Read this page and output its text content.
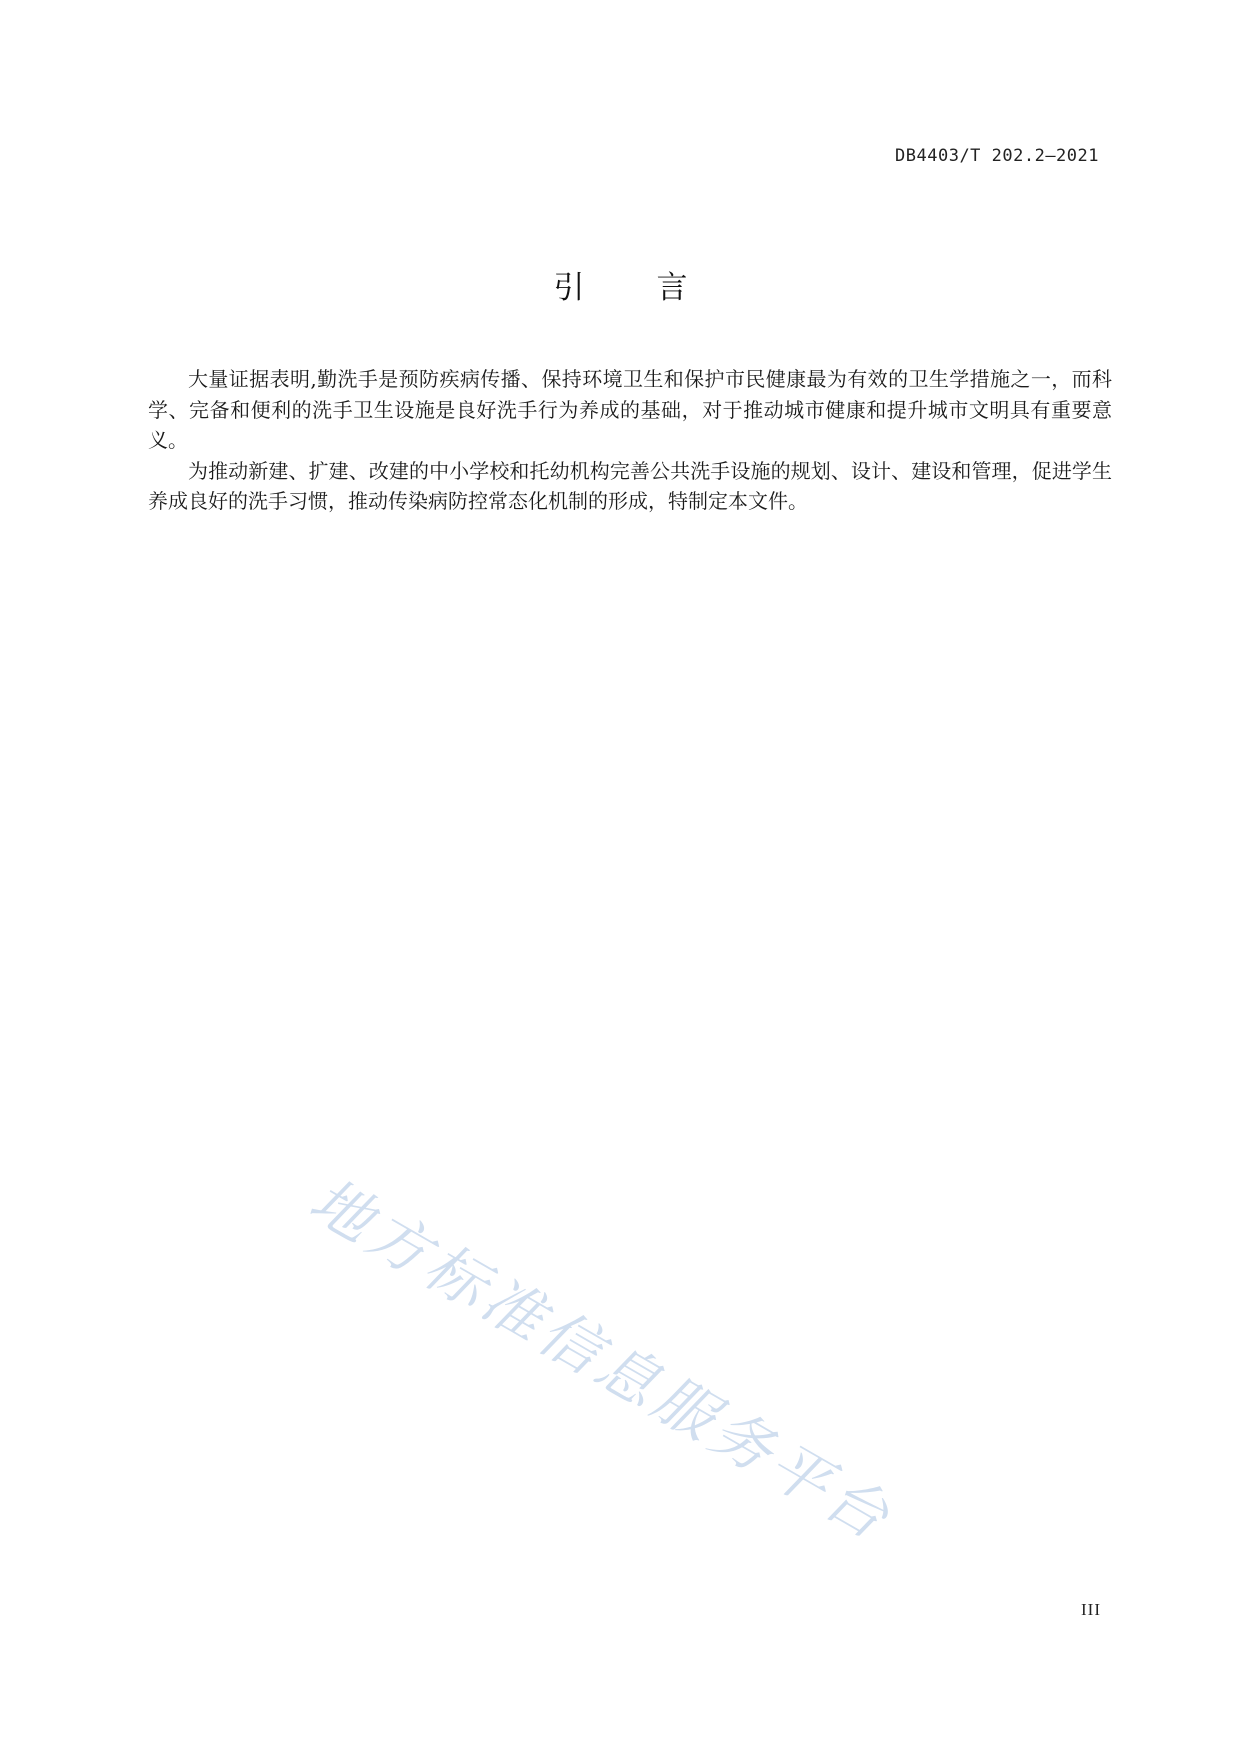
DB4403/T 202.2—2021
引言

大量证据表明,勤洗手是预防疾病传播、保持环境卫生和保护市民健康最为有效的卫生学措施之一，而科学、完备和便利的洗手卫生设施是良好洗手行为养成的基础，对于推动城市健康和提升城市文明具有重要意义。

为推动新建、扩建、改建的中小学校和托幼机构完善公共洗手设施的规划、设计、建设和管理，促进学生养成良好的洗手习惯，推动传染病防控常态化机制的形成，特制定本文件。

地方标准信息服务平台
III
